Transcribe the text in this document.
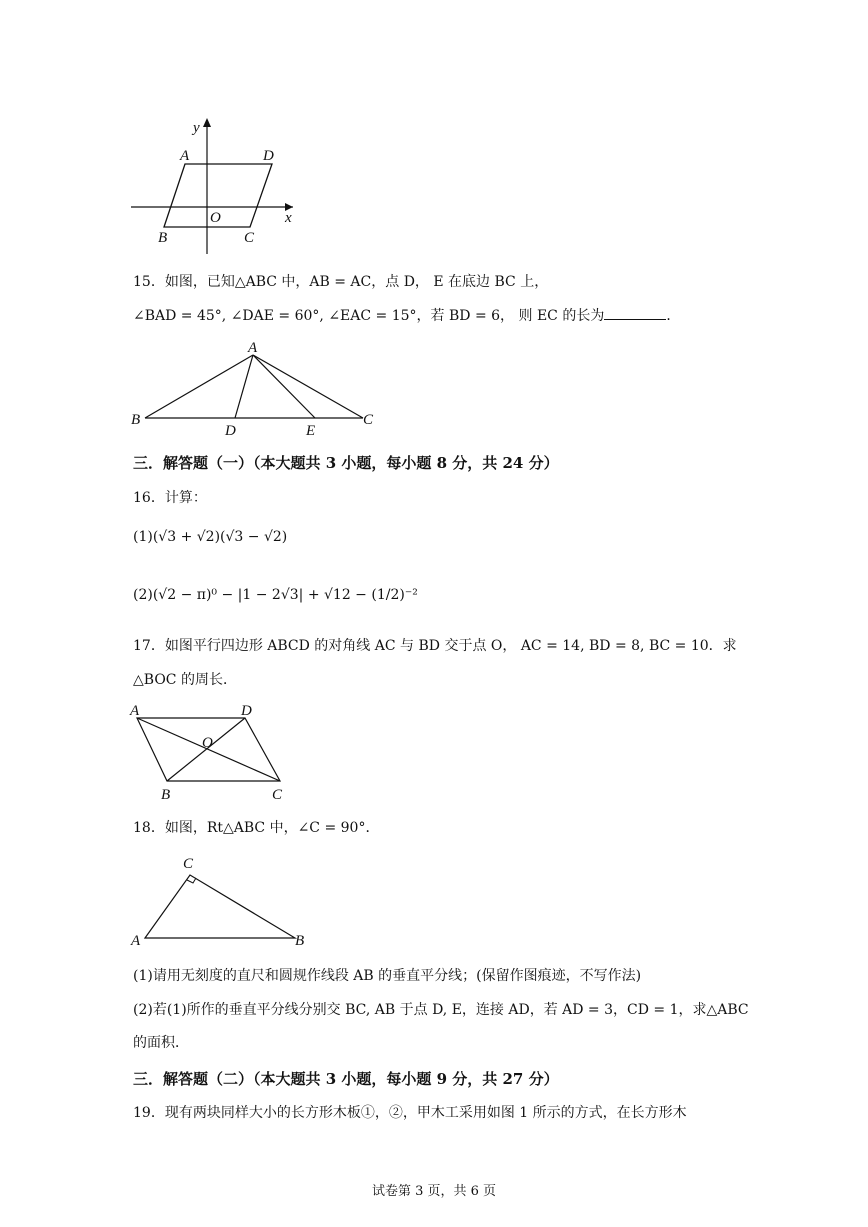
y
x
A	D
O
B	C
15．如图，已知△ABC 中，AB = AC，点 D， E 在底边 BC 上，
∠BAD = 45°, ∠DAE = 60°, ∠EAC = 15°，若 BD = 6， 则 EC 的长为	．
A
B	C
D	E
三．解答题（一）（本大题共 3 小题，每小题 8 分，共 24 分）
16．计算：
(1)(√3 + √2)(√3 − √2)
(2)(√2 − π)⁰ − |1 − 2√3| + √12 − (1/2)⁻²
17．如图平行四边形 ABCD 的对角线 AC 与 BD 交于点 O， AC = 14, BD = 8, BC = 10．求
△BOC 的周长．
A	D
O
B	C
18．如图，Rt△ABC 中，∠C = 90°．
C
A	B
(1)请用无刻度的直尺和圆规作线段 AB 的垂直平分线；(保留作图痕迹，不写作法)
(2)若(1)所作的垂直平分线分别交 BC, AB 于点 D, E，连接 AD，若 AD = 3，CD = 1，求△ABC
的面积．
三．解答题（二）（本大题共 3 小题，每小题 9 分，共 27 分）
19．现有两块同样大小的长方形木板①，②，甲木工采用如图 1 所示的方式，在长方形木
试卷第 3 页，共 6 页
